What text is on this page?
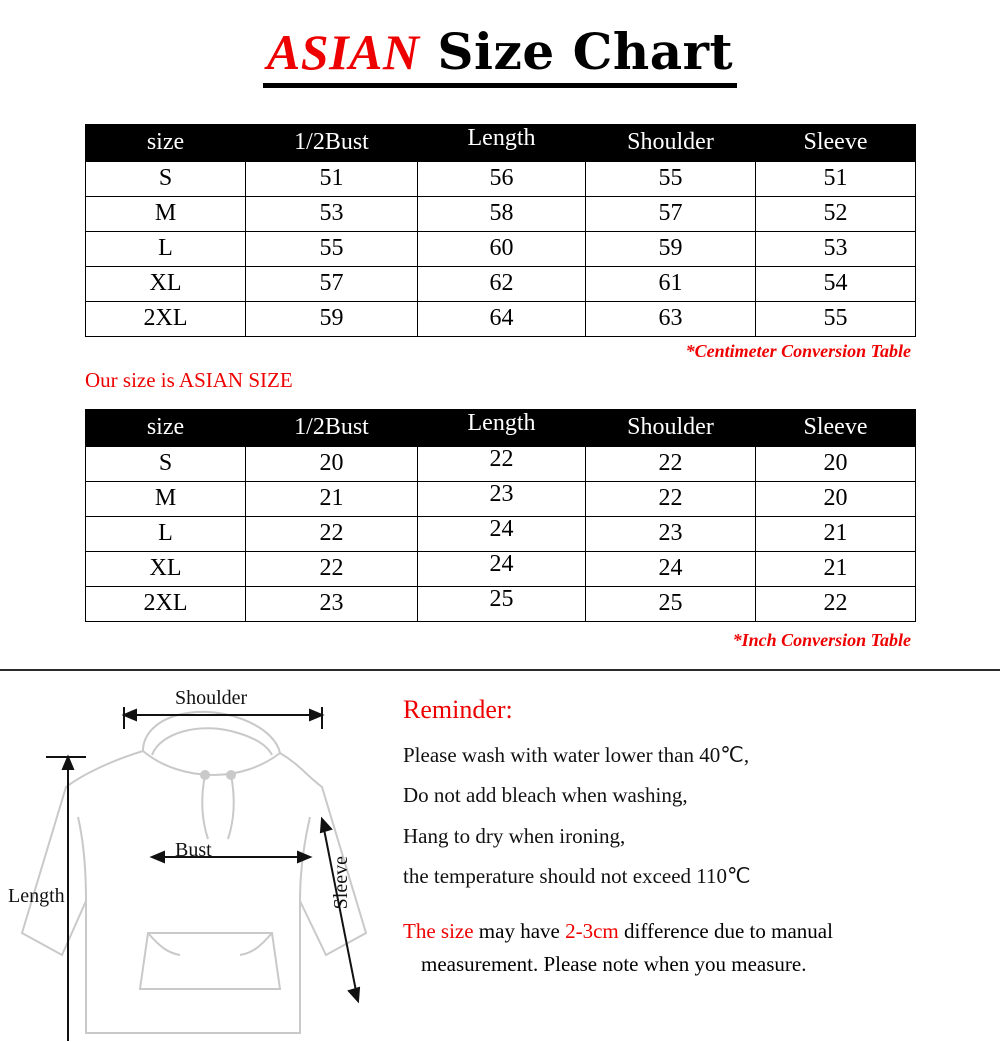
ASIAN Size Chart
size	1/2Bust	Length	Shoulder	Sleeve
S	51	56	55	51
M	53	58	57	52
L	55	60	59	53
XL	57	62	61	54
2XL	59	64	63	55
*Centimeter Conversion Table
Our size is ASIAN SIZE
size	1/2Bust	Length	Shoulder	Sleeve
S	20	22	22	20
M	21	23	22	20
L	22	24	23	21
XL	22	24	24	21
2XL	23	25	25	22
*Inch Conversion Table
Shoulder
Bust
Length	Sleeve
Reminder:
Please wash with water lower than 40℃,
Do not add bleach when washing,
Hang to dry when ironing,
the temperature should not exceed 110℃
The size may have 2-3cm difference due to manual
measurement. Please note when you measure.
